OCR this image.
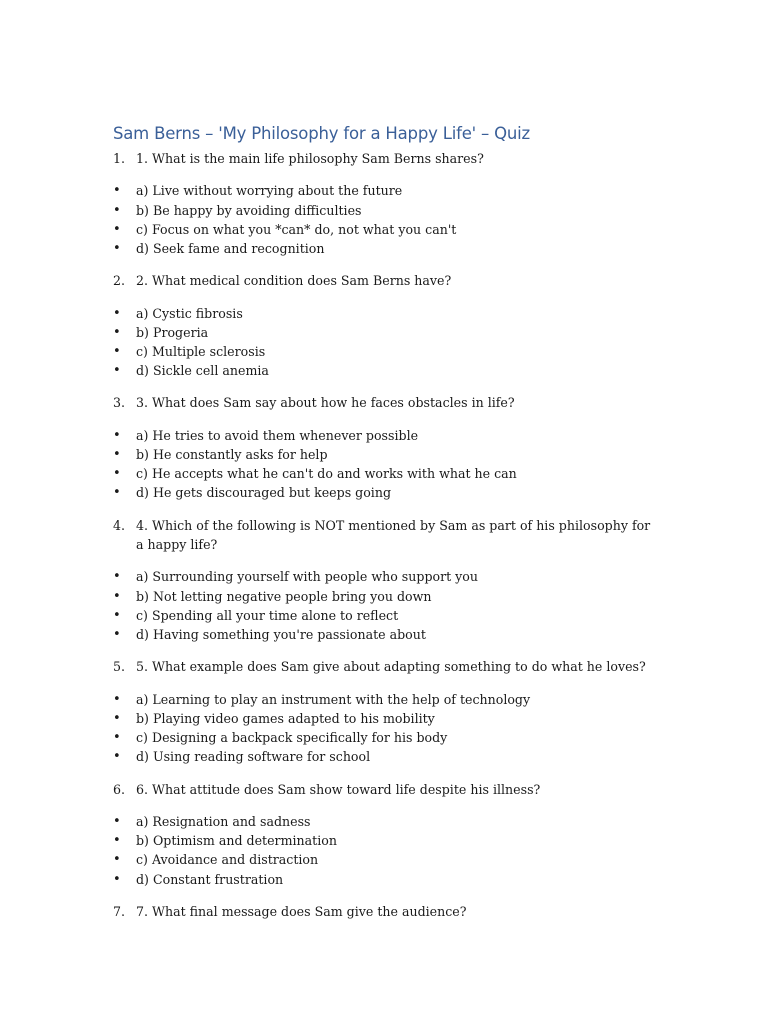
Sam Berns – 'My Philosophy for a Happy Life' – Quiz

1. 1. What is the main life philosophy Sam Berns shares?

• a) Live without worrying about the future
• b) Be happy by avoiding difficulties
• c) Focus on what you *can* do, not what you can't
• d) Seek fame and recognition

2. 2. What medical condition does Sam Berns have?

• a) Cystic fibrosis
• b) Progeria
• c) Multiple sclerosis
• d) Sickle cell anemia

3. 3. What does Sam say about how he faces obstacles in life?

• a) He tries to avoid them whenever possible
• b) He constantly asks for help
• c) He accepts what he can't do and works with what he can
• d) He gets discouraged but keeps going

4. 4. Which of the following is NOT mentioned by Sam as part of his philosophy for a happy life?

• a) Surrounding yourself with people who support you
• b) Not letting negative people bring you down
• c) Spending all your time alone to reflect
• d) Having something you're passionate about

5. 5. What example does Sam give about adapting something to do what he loves?

• a) Learning to play an instrument with the help of technology
• b) Playing video games adapted to his mobility
• c) Designing a backpack specifically for his body
• d) Using reading software for school

6. 6. What attitude does Sam show toward life despite his illness?

• a) Resignation and sadness
• b) Optimism and determination
• c) Avoidance and distraction
• d) Constant frustration

7. 7. What final message does Sam give the audience?
